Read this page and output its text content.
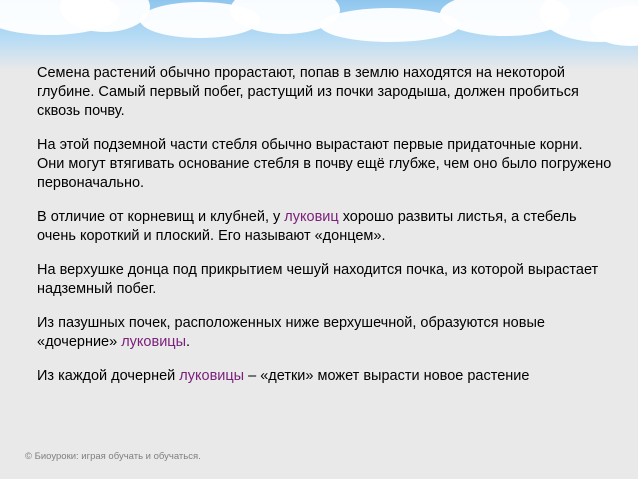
Семена растений обычно прорастают, попав в землю находятся на некоторой глубине. Самый первый побег, растущий из почки зародыша, должен пробиться сквозь почву.

На этой подземной части стебля обычно вырастают первые придаточные корни. Они могут втягивать основание стебля в почву ещё глубже, чем оно было погружено первоначально.

В отличие от корневищ и клубней, у луковиц хорошо развиты листья, а стебель очень короткий и плоский. Его называют «донцем».

На верхушке донца под прикрытием чешуй находится почка, из которой вырастает надземный побег.

Из пазушных почек, расположенных ниже верхушечной, образуются новые «дочерние» луковицы.

Из каждой дочерней луковицы – «детки» может вырасти новое растение

© Биоуроки: играя обучать и обучаться.
